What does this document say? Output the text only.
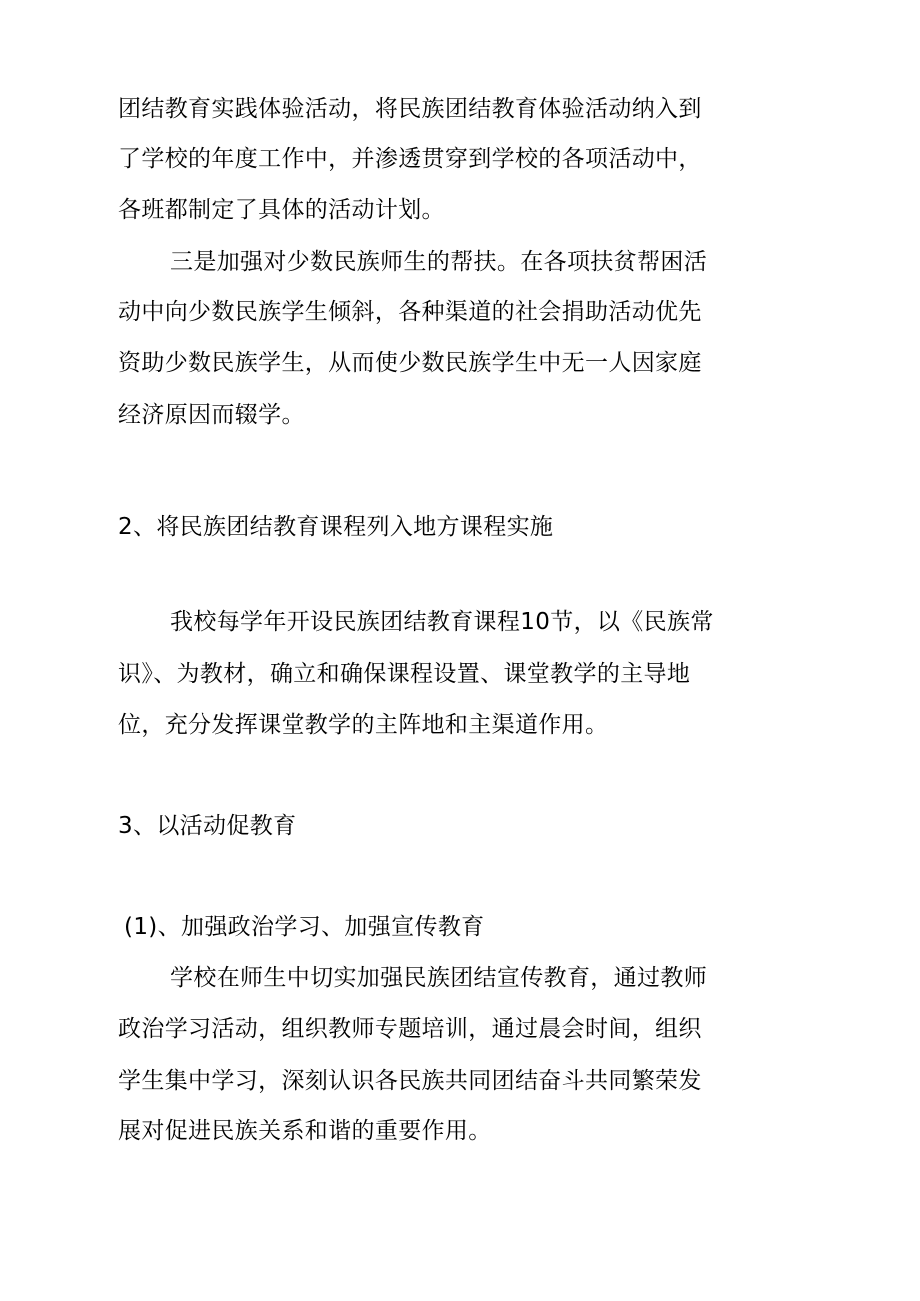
团结教育实践体验活动，将民族团结教育体验活动纳入到

了学校的年度工作中，并渗透贯穿到学校的各项活动中，

各班都制定了具体的活动计划。

三是加强对少数民族师生的帮扶。在各项扶贫帮困活

动中向少数民族学生倾斜，各种渠道的社会捐助活动优先

资助少数民族学生，从而使少数民族学生中无一人因家庭

经济原因而辍学。

2、将民族团结教育课程列入地方课程实施

我校每学年开设民族团结教育课程10节，以《民族常

识》、为教材，确立和确保课程设置、课堂教学的主导地

位，充分发挥课堂教学的主阵地和主渠道作用。

3、以活动促教育

(1)、加强政治学习、加强宣传教育

学校在师生中切实加强民族团结宣传教育，通过教师

政治学习活动，组织教师专题培训，通过晨会时间，组织

学生集中学习，深刻认识各民族共同团结奋斗共同繁荣发

展对促进民族关系和谐的重要作用。
